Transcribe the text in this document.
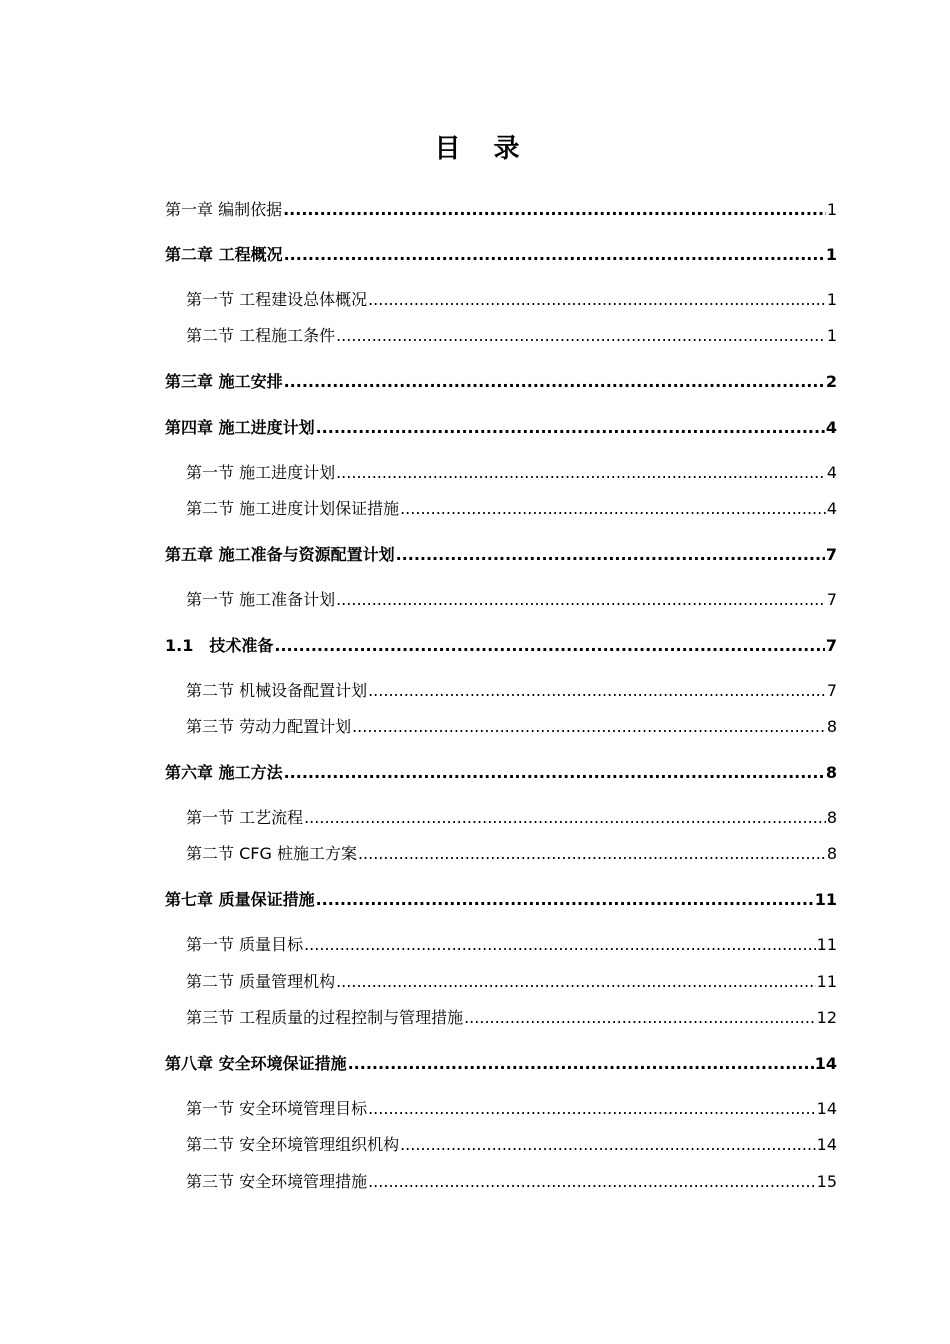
目 录
第一章 编制依据 .....	1
第二章 工程概况 .....	1
第一节 工程建设总体概况 .....	1
第二节 工程施工条件 .....	1
第三章 施工安排 .....	2
第四章 施工进度计划 .....	4
第一节 施工进度计划 .....	4
第二节 施工进度计划保证措施 .....	4
第五章 施工准备与资源配置计划 .....	7
第一节 施工准备计划 .....	7
1.1　技术准备 .....	7
第二节 机械设备配置计划 .....	7
第三节 劳动力配置计划 .....	8
第六章 施工方法 .....	8
第一节 工艺流程 .....	8
第二节 CFG 桩施工方案 .....	8
第七章 质量保证措施 .....	11
第一节 质量目标 .....	11
第二节 质量管理机构 .....	11
第三节 工程质量的过程控制与管理措施 .....	12
第八章 安全环境保证措施 .....	14
第一节 安全环境管理目标 .....	14
第二节 安全环境管理组织机构 .....	14
第三节 安全环境管理措施 .....	15
